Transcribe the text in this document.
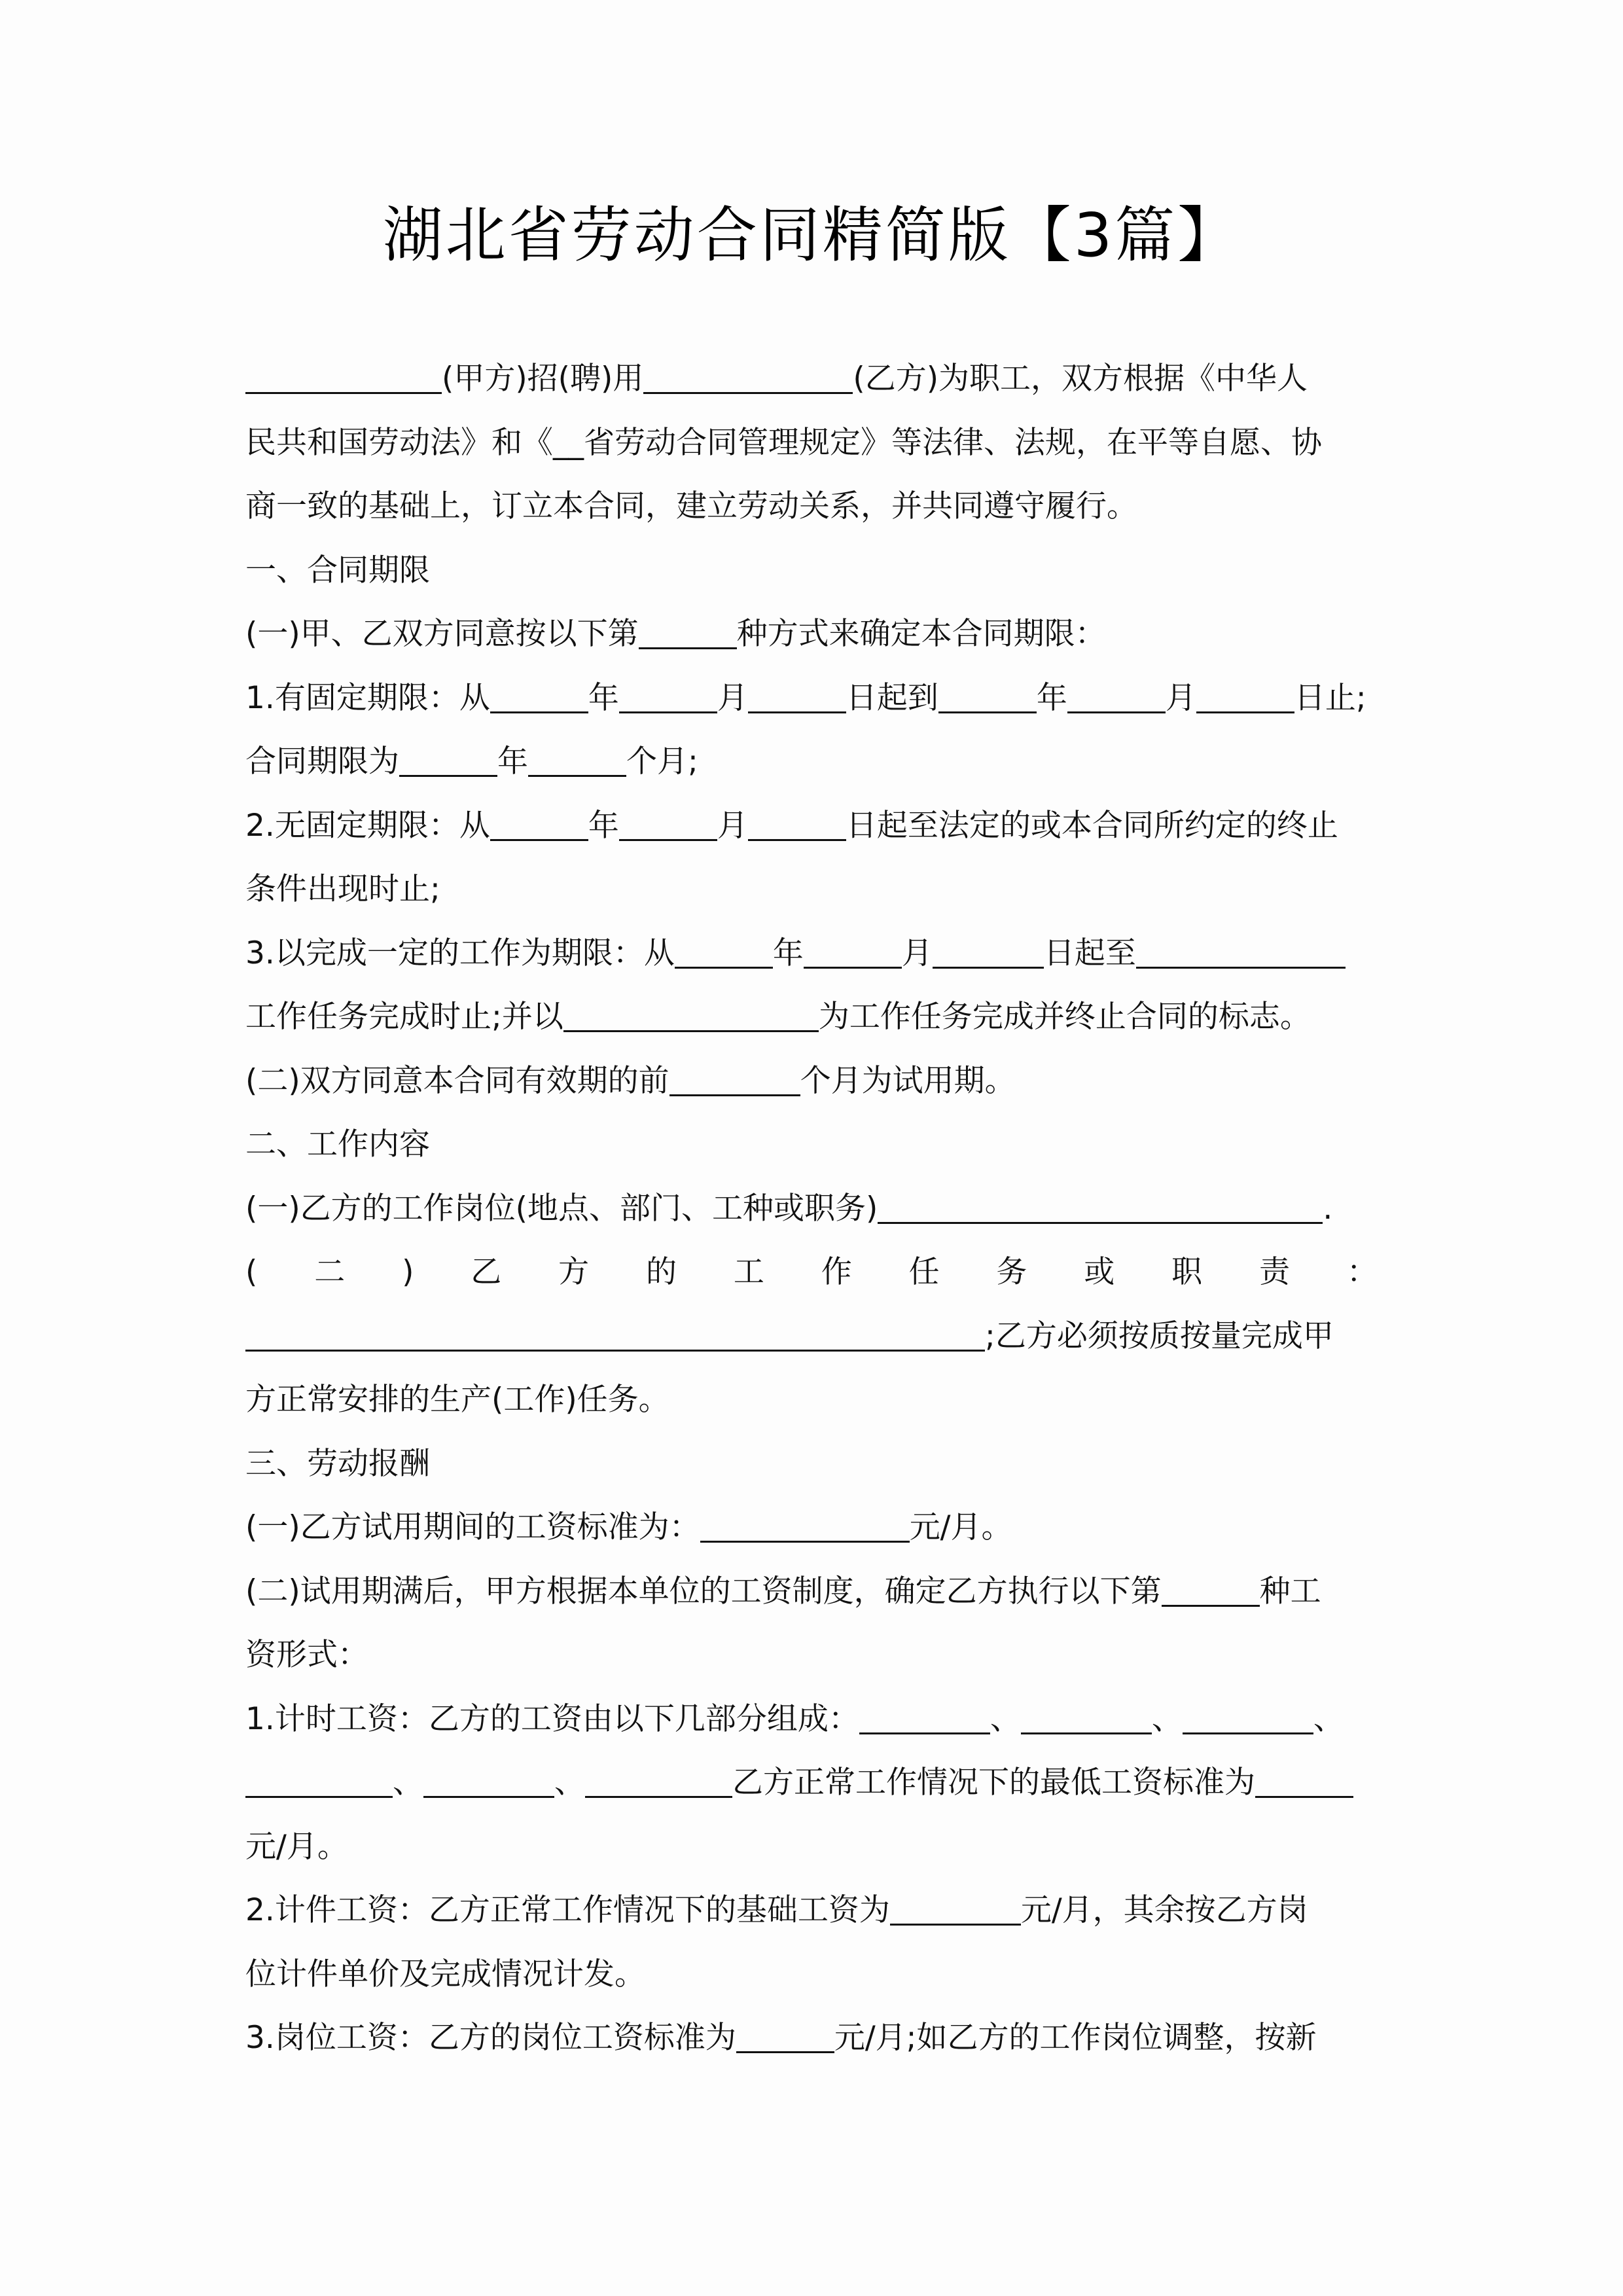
湖北省劳动合同精简版【3篇】
(甲方)招(聘)用	(乙方)为职工，双方根据《中华人
民共和国劳动法》和《__省劳动合同管理规定》等法律、法规，在平等自愿、协
商一致的基础上，订立本合同，建立劳动关系，并共同遵守履行。
一、合同期限
(一)甲、乙双方同意按以下第	种方式来确定本合同期限：
1.有固定期限：从	年	月	日起到	年	月	日止;
合同期限为	年	个月;
2.无固定期限：从	年	月	日起至法定的或本合同所约定的终止
条件出现时止;
3.以完成一定的工作为期限：从	年	月	日起至
工作任务完成时止;并以	为工作任务完成并终止合同的标志。
(二)双方同意本合同有效期的前	个月为试用期。
二、工作内容
(一)乙方的工作岗位(地点、部门、工种或职务)	.
( 二 ) 乙 方 的 工 作 任 务 或 职 责 ：
;乙方必须按质按量完成甲
方正常安排的生产(工作)任务。
三、劳动报酬
(一)乙方试用期间的工资标准为：	元/月。
(二)试用期满后，甲方根据本单位的工资制度，确定乙方执行以下第	种工
资形式：
1.计时工资：乙方的工资由以下几部分组成：	、	、	、
、	、	乙方正常工作情况下的最低工资标准为
元/月。
2.计件工资：乙方正常工作情况下的基础工资为	元/月，其余按乙方岗
位计件单价及完成情况计发。
3.岗位工资：乙方的岗位工资标准为	元/月;如乙方的工作岗位调整，按新
